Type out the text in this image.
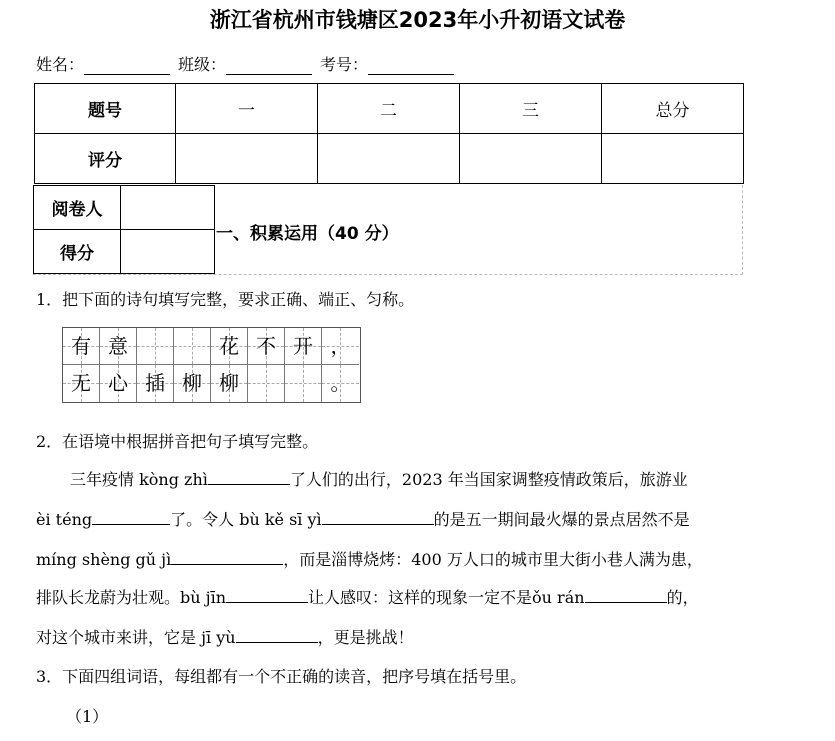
浙江省杭州市钱塘区2023年小升初语文试卷
姓名：	班级：	考号：
题号	一	二	三	总分
评分				
阅卷人	
得分	
一、积累运用（40 分）
1．把下面的诗句填写完整，要求正确、端正、匀称。
有 意	花 不 开 ，
无 心 插 柳 柳	。
2．在语境中根据拼音把句子填写完整。
三年疫情 kòng zhì	了人们的出行，2023 年当国家调整疫情政策后，旅游业
èi téng	了。令人 bù kě sī yì	的是五一期间最火爆的景点居然不是
míng shèng gǔ jì	，而是淄博烧烤：400 万人口的城市里大街小巷人满为患，
排队长龙蔚为壮观。bù jīn	让人感叹：这样的现象一定不是ǒu rán	的，
对这个城市来讲，它是 jī yù	，更是挑战！
3．下面四组词语，每组都有一个不正确的读音，把序号填在括号里。
（1）
